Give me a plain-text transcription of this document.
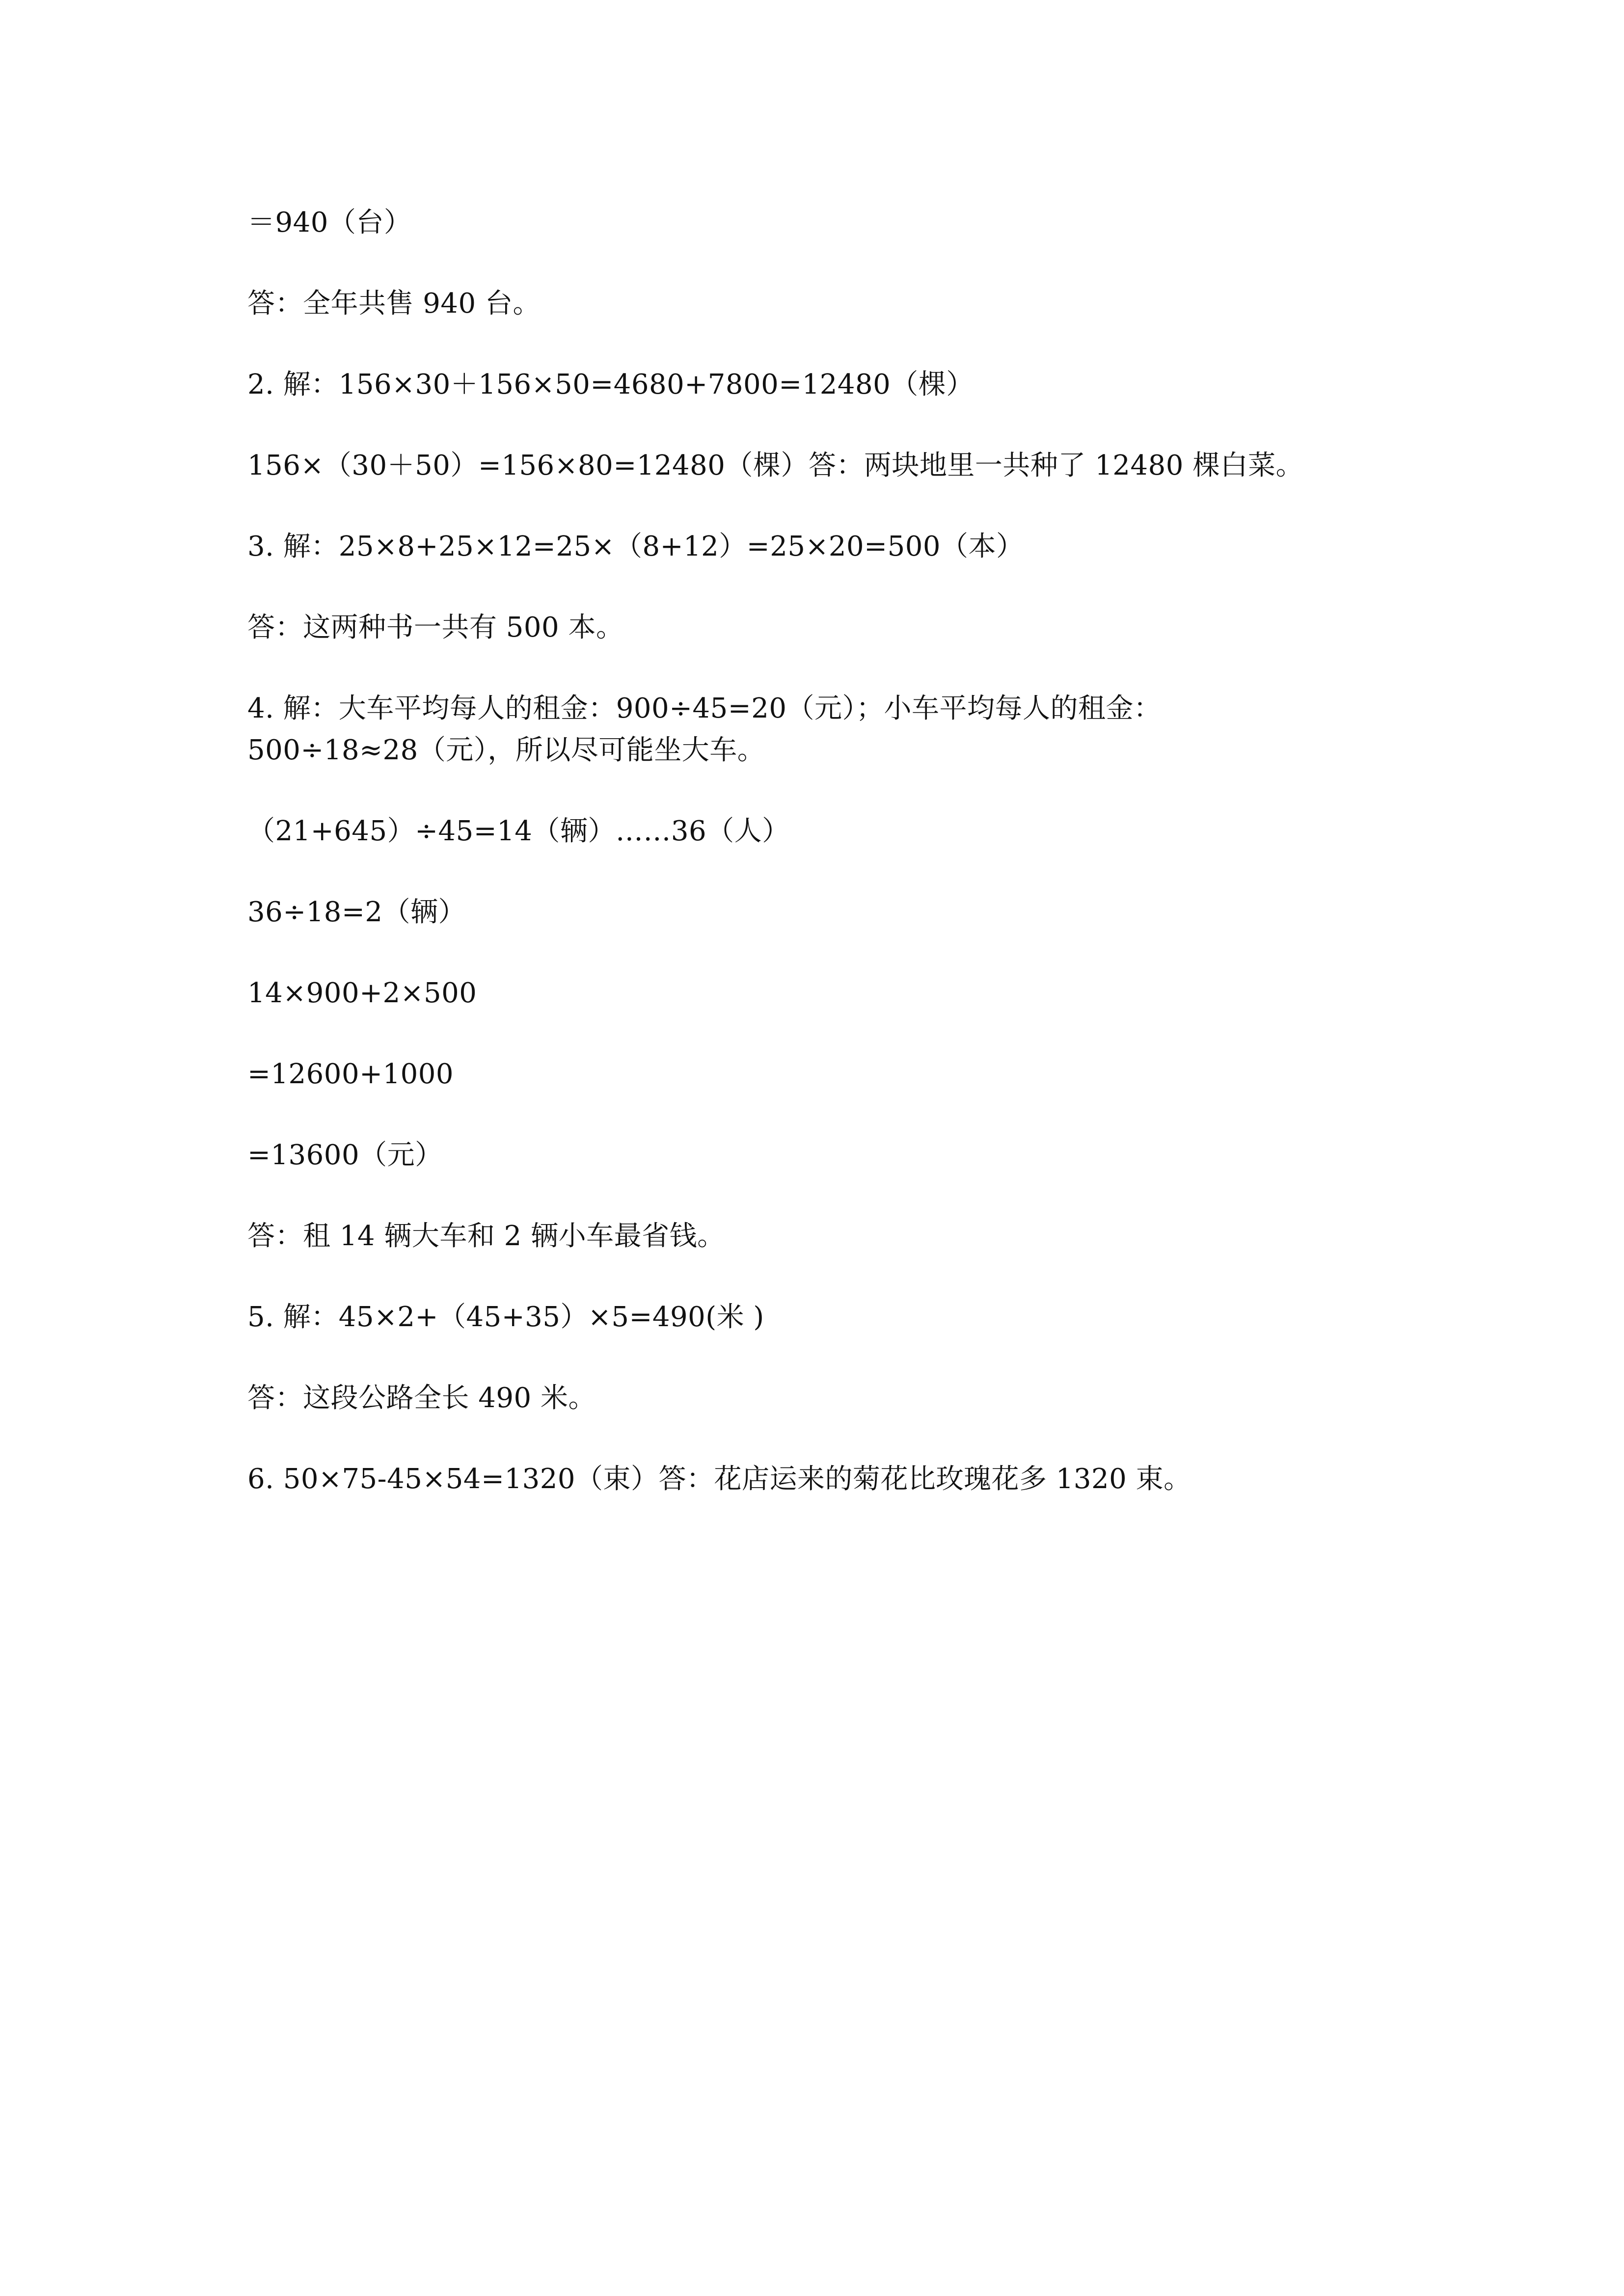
＝940（台）
答：全年共售 940 台。
2. 解：156×30＋156×50=4680+7800=12480（棵）
156×（30＋50）=156×80=12480（棵）答：两块地里一共种了 12480 棵白菜。
3. 解：25×8+25×12=25×（8+12）=25×20=500（本）
答：这两种书一共有 500 本。
4. 解：大车平均每人的租金：900÷45=20（元）；小车平均每人的租金：
500÷18≈28（元），所以尽可能坐大车。
（21+645）÷45=14（辆）……36（人）
36÷18=2（辆）
14×900+2×500
=12600+1000
=13600（元）
答：租 14 辆大车和 2 辆小车最省钱。
5. 解：45×2+（45+35）×5=490(米 )
答：这段公路全长 490 米。
6. 50×75-45×54=1320（束）答：花店运来的菊花比玫瑰花多 1320 束。
